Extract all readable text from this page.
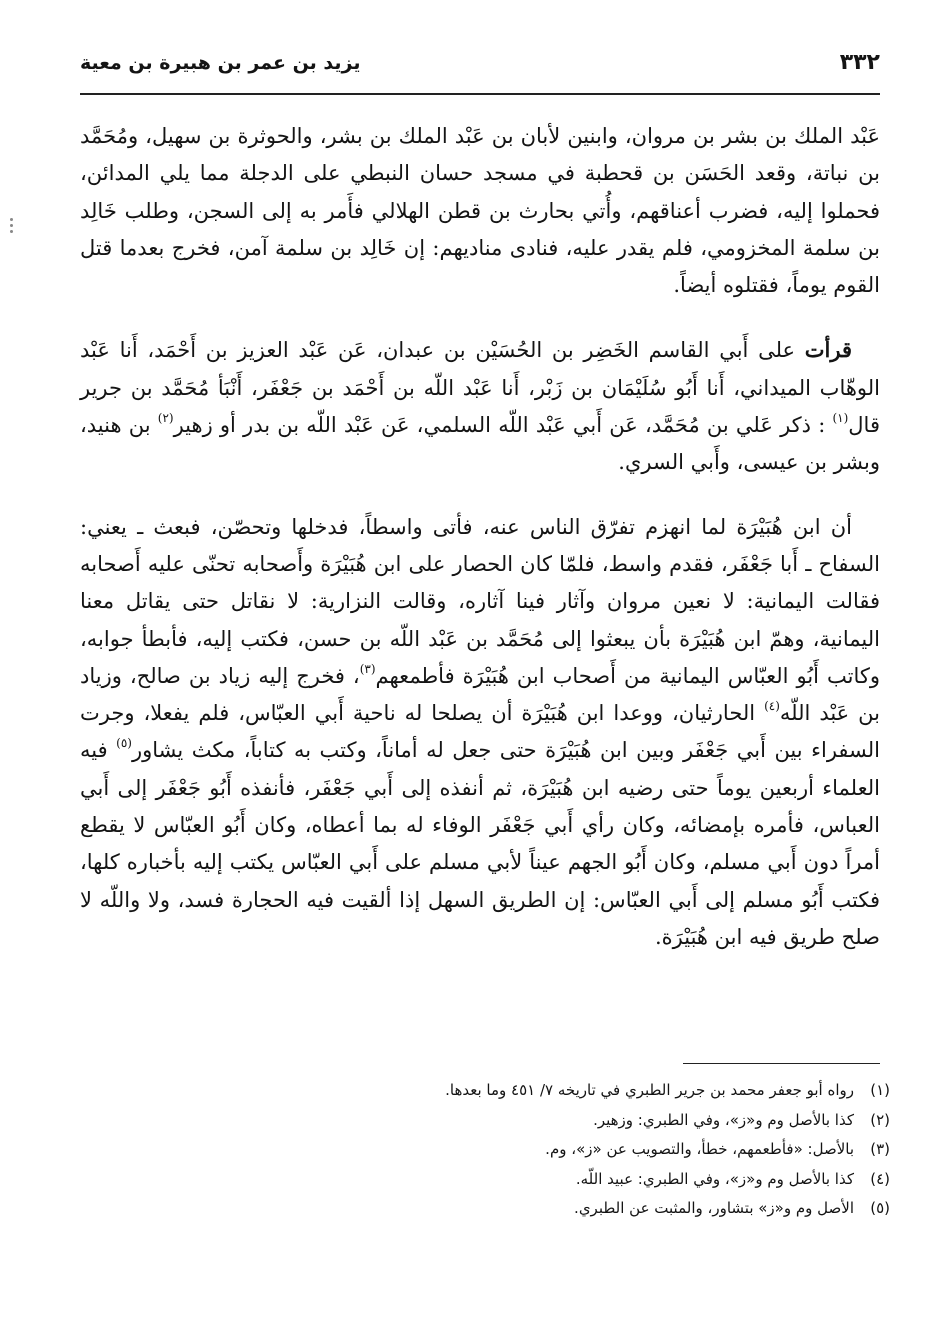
٣٣٢
يزيد بن عمر بن هبيرة بن معية

عَبْد الملك بن بشر بن مروان، وابنين لأبان بن عَبْد الملك بن بشر، والحوثرة بن سهيل، ومُحَمَّد بن نباتة، وقعد الحَسَن بن قحطبة في مسجد حسان النبطي على الدجلة مما يلي المدائن، فحملوا إليه، فضرب أعناقهم، وأُتي بحارث بن قطن الهلالي فأَمر به إلى السجن، وطلب خَالِد بن سلمة المخزومي، فلم يقدر عليه، فنادى مناديهم: إن خَالِد بن سلمة آمن، فخرج بعدما قتل القوم يوماً، فقتلوه أيضاً.

قرأت على أَبي القاسم الخَضِر بن الحُسَيْن بن عبدان، عَن عَبْد العزيز بن أَحْمَد، أَنا عَبْد الوهّاب الميداني، أَنا أَبُو سُلَيْمَان بن زَبْر، أَنا عَبْد اللّه بن أَحْمَد بن جَعْفَر، أَنْبَأ مُحَمَّد بن جرير قال$^{(١)}$ : ذكر عَلي بن مُحَمَّد، عَن أَبي عَبْد اللّه السلمي، عَن عَبْد اللّه بن بدر أو زهير$^{(٢)}$ بن هنيد، وبشر بن عيسى، وأَبي السري.

أن ابن هُبَيْرَة لما انهزم تفرّق الناس عنه، فأتى واسطاً، فدخلها وتحصّن، فبعث ـ يعني: السفاح ـ أَبا جَعْفَر، فقدم واسط، فلمّا كان الحصار على ابن هُبَيْرَة وأَصحابه تحنّى عليه أَصحابه فقالت اليمانية: لا نعين مروان وآثار فينا آثاره، وقالت النزارية: لا نقاتل حتى يقاتل معنا اليمانية، وهمّ ابن هُبَيْرَة بأن يبعثوا إلى مُحَمَّد بن عَبْد اللّه بن حسن، فكتب إليه، فأبطأ جوابه، وكاتب أَبُو العبّاس اليمانية من أَصحاب ابن هُبَيْرَة فأطمعهم$^{(٣)}$، فخرج إليه زياد بن صالح، وزياد بن عَبْد اللّه$^{(٤)}$ الحارثيان، ووعدا ابن هُبَيْرَة أن يصلحا له ناحية أَبي العبّاس، فلم يفعلا، وجرت السفراء بين أَبي جَعْفَر وبين ابن هُبَيْرَة حتى جعل له أماناً، وكتب به كتاباً، مكث يشاور$^{(٥)}$ فيه العلماء أربعين يوماً حتى رضيه ابن هُبَيْرَة، ثم أنفذه إلى أَبي جَعْفَر، فأنفذه أَبُو جَعْفَر إلى أَبي العباس، فأمره بإمضائه، وكان رأي أَبي جَعْفَر الوفاء له بما أعطاه، وكان أَبُو العبّاس لا يقطع أمراً دون أَبي مسلم، وكان أَبُو الجهم عيناً لأبي مسلم على أَبي العبّاس يكتب إليه بأخباره كلها، فكتب أَبُو مسلم إلى أَبي العبّاس: إن الطريق السهل إذا ألقيت فيه الحجارة فسد، ولا واللّه لا صلح طريق فيه ابن هُبَيْرَة.

(١)رواه أبو جعفر محمد بن جرير الطبري في تاريخه ٧/ ٤٥١ وما بعدها.
(٢)كذا بالأصل وم و«ز»، وفي الطبري: وزهير.
(٣)بالأصل: «فأطعمهم، خطأ، والتصويب عن «ز»، وم.
(٤)كذا بالأصل وم و«ز»، وفي الطبري: عبيد اللّه.
(٥)الأصل وم و«ز» بتشاور، والمثبت عن الطبري.
